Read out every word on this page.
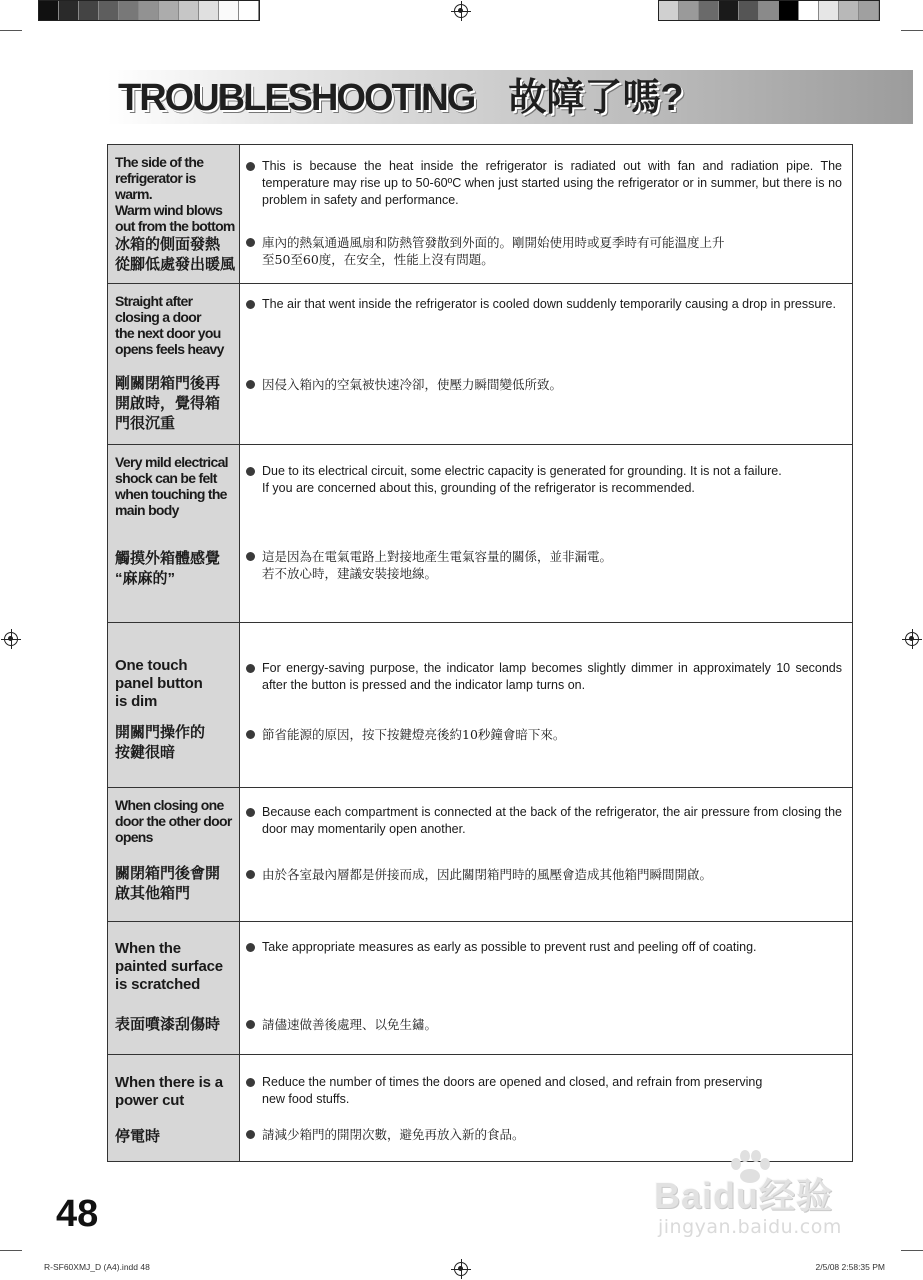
TROUBLESHOOTING 故障了嗎?
The side of the
refrigerator is warm.
Warm wind blows
out from the bottom
冰箱的側面發熱
從腳低處發出暖風
This is because the heat inside the refrigerator is radiated out with fan and radiation pipe. The temperature may rise up to 50-60ºC when just started using the refrigerator or in summer, but there is no problem in safety and performance.
庫內的熱氣通過風扇和防熱管發散到外面的。剛開始使用時或夏季時有可能溫度上升
至50至60度，在安全，性能上沒有問題。
Straight after
closing a door
the next door you
opens feels heavy
剛關閉箱門後再
開啟時，覺得箱
門很沉重
The air that went inside the refrigerator is cooled down suddenly temporarily causing a drop in pressure.
因侵入箱內的空氣被快速冷卻，使壓力瞬間變低所致。
Very mild electrical
shock can be felt
when touching the
main body
觸摸外箱體感覺
“麻麻的”
Due to its electrical circuit, some electric capacity is generated for grounding. It is not a failure.
If you are concerned about this, grounding of the refrigerator is recommended.
這是因為在電氣電路上對接地產生電氣容量的關係，並非漏電。
若不放心時，建議安裝接地線。
One touch
panel button
is dim
開關門操作的
按鍵很暗
For energy-saving purpose, the indicator lamp becomes slightly dimmer in approximately 10 seconds after the button is pressed and the indicator lamp turns on.
節省能源的原因，按下按鍵燈亮後約10秒鐘會暗下來。
When closing one
door the other door
opens
關閉箱門後會開
啟其他箱門
Because each compartment is connected at the back of the refrigerator, the air pressure from closing the door may momentarily open another.
由於各室最內層都是併接而成，因此關閉箱門時的風壓會造成其他箱門瞬間開啟。
When the
painted surface
is scratched
表面噴漆刮傷時
Take appropriate measures as early as possible to prevent rust and peeling off of coating.
請儘速做善後處理、以免生鏽。
When there is a
power cut
停電時
Reduce the number of times the doors are opened and closed, and refrain from preserving
new food stuffs.
請減少箱門的開閉次數，避免再放入新的食品。
48
R-SF60XMJ_D (A4).indd 48	2/5/08 2:58:35 PM
Baidu经验
jingyan.baidu.com
